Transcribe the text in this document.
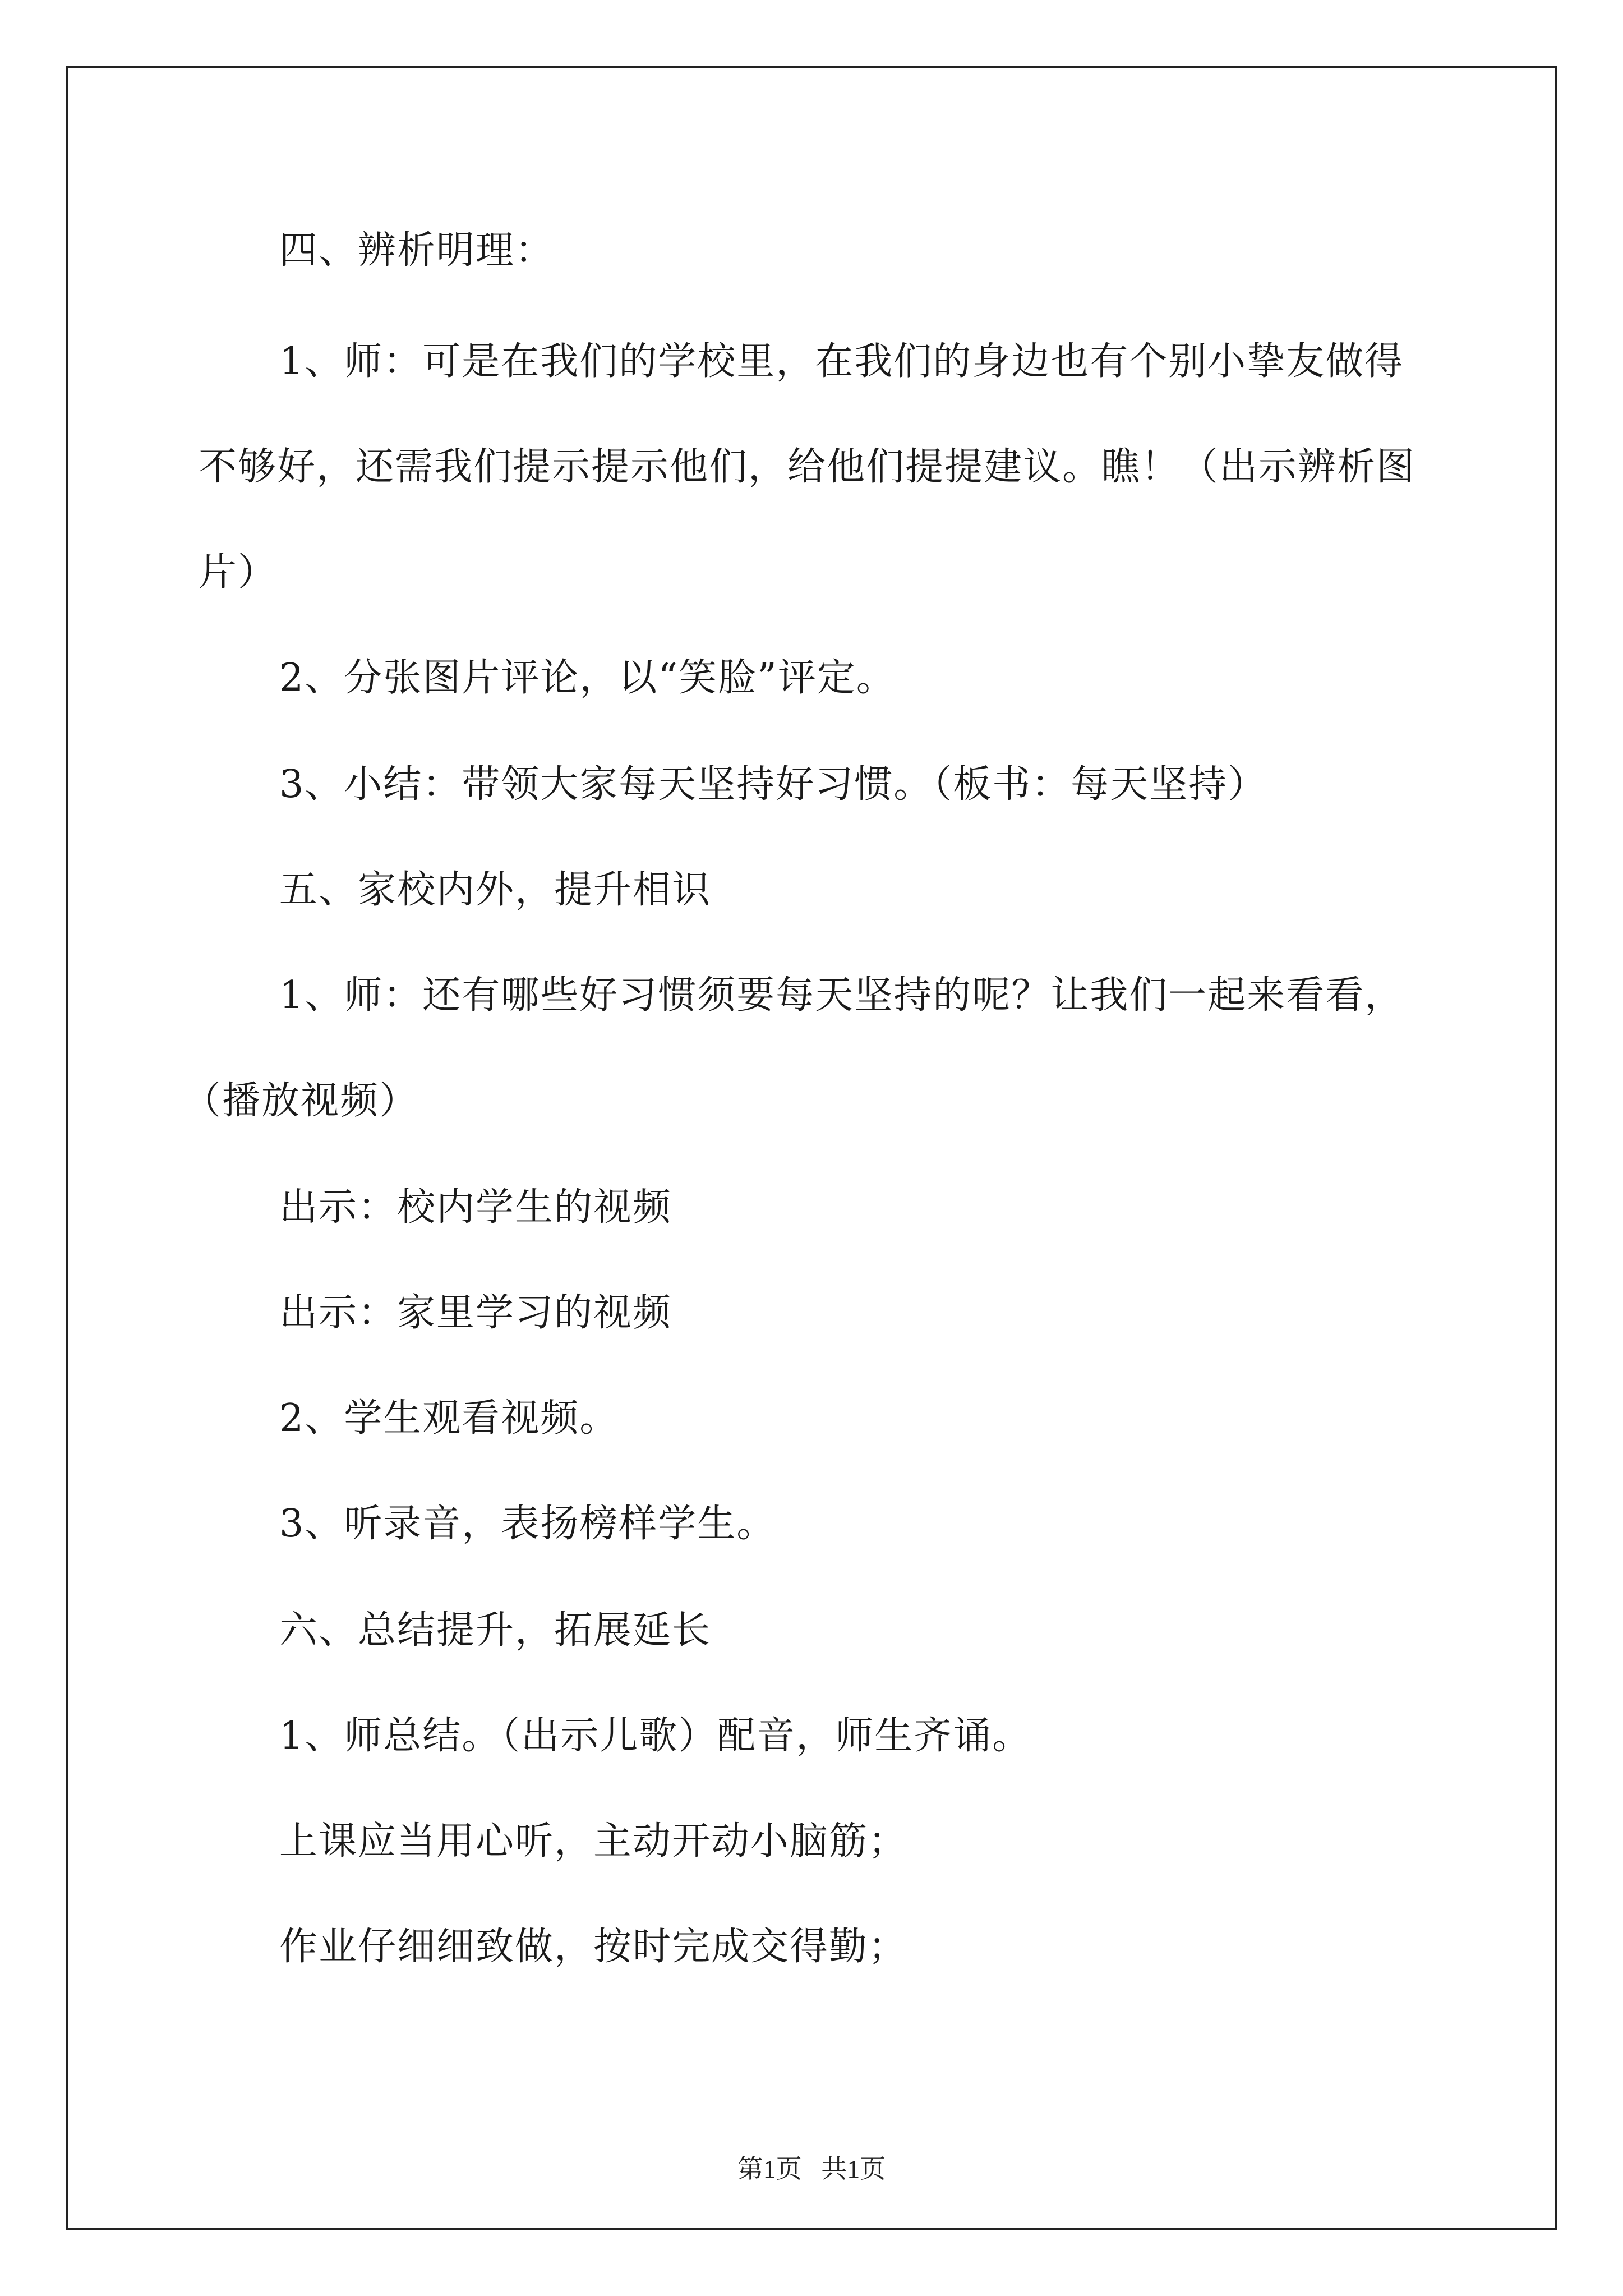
四、辨析明理：
1、师：可是在我们的学校里，在我们的身边也有个别小挚友做得
不够好，还需我们提示提示他们，给他们提提建议。瞧！（出示辨析图
片）
2、分张图片评论，以“笑脸”评定。
3、小结：带领大家每天坚持好习惯。（板书：每天坚持）
五、家校内外，提升相识
1、师：还有哪些好习惯须要每天坚持的呢？让我们一起来看看，
（播放视频）
出示：校内学生的视频
出示：家里学习的视频
2、学生观看视频。
3、听录音，表扬榜样学生。
六、总结提升，拓展延长
1、师总结。（出示儿歌）配音，师生齐诵。
上课应当用心听，主动开动小脑筋；
作业仔细细致做，按时完成交得勤；
第1页   共1页
